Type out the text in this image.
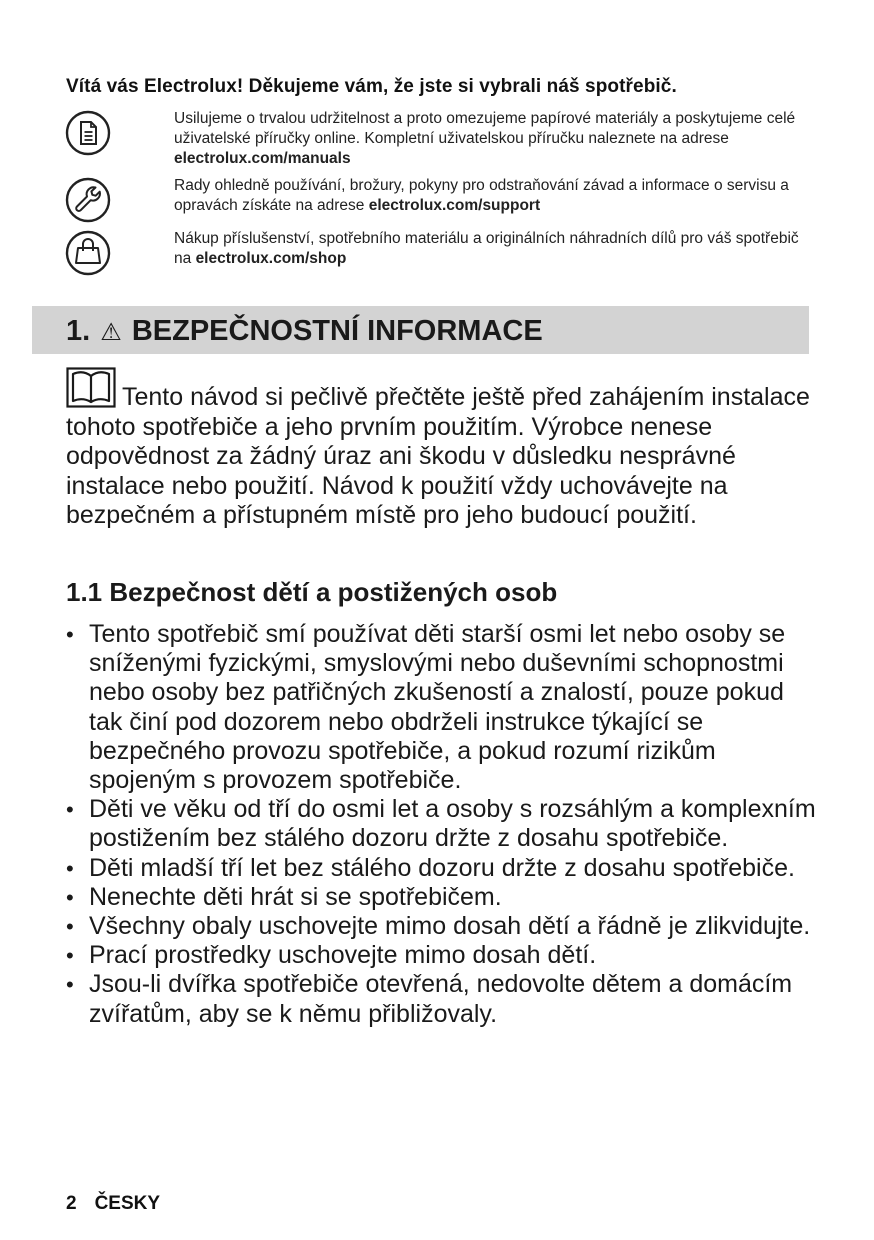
Vítá vás Electrolux! Děkujeme vám, že jste si vybrali náš spotřebič.
Usilujeme o trvalou udržitelnost a proto omezujeme papírové materiály a poskytujeme celé uživatelské příručky online. Kompletní uživatelskou příručku naleznete na adrese electrolux.com/manuals
Rady ohledně používání, brožury, pokyny pro odstraňování závad a informace o servisu a opravách získáte na adrese electrolux.com/support
Nákup příslušenství, spotřebního materiálu a originálních náhradních dílů pro váš spotřebič na electrolux.com/shop
1. ⚠ BEZPEČNOSTNÍ INFORMACE
Tento návod si pečlivě přečtěte ještě před zahájením instalace tohoto spotřebiče a jeho prvním použitím. Výrobce nenese odpovědnost za žádný úraz ani škodu v důsledku nesprávné instalace nebo použití. Návod k použití vždy uchovávejte na bezpečném a přístupném místě pro jeho budoucí použití.
1.1 Bezpečnost dětí a postižených osob
• Tento spotřebič smí používat děti starší osmi let nebo osoby se sníženými fyzickými, smyslovými nebo duševními schopnostmi nebo osoby bez patřičných zkušeností a znalostí, pouze pokud tak činí pod dozorem nebo obdrželi instrukce týkající se bezpečného provozu spotřebiče, a pokud rozumí rizikům spojeným s provozem spotřebiče.
• Děti ve věku od tří do osmi let a osoby s rozsáhlým a komplexním postižením bez stálého dozoru držte z dosahu spotřebiče.
• Děti mladší tří let bez stálého dozoru držte z dosahu spotřebiče.
• Nenechte děti hrát si se spotřebičem.
• Všechny obaly uschovejte mimo dosah dětí a řádně je zlikvidujte.
• Prací prostředky uschovejte mimo dosah dětí.
• Jsou-li dvířka spotřebiče otevřená, nedovolte dětem a domácím zvířatům, aby se k němu přibližovaly.
2 ČESKY
